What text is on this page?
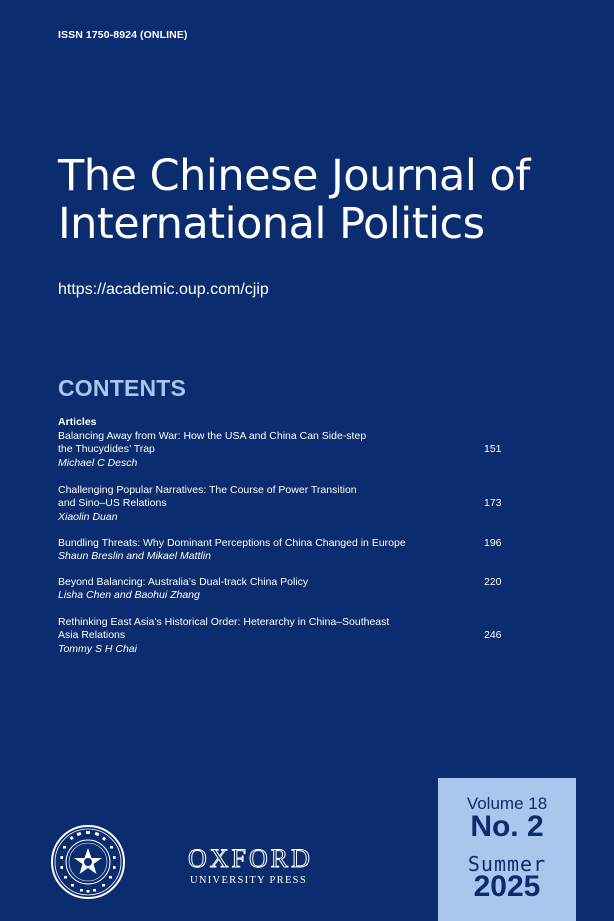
ISSN 1750-8924 (ONLINE)
The Chinese Journal of
International Politics
https://academic.oup.com/cjip
CONTENTS
Articles
Balancing Away from War: How the USA and China Can Side-step
the Thucydides’ Trap
Michael C Desch
151
Challenging Popular Narratives: The Course of Power Transition
and Sino–US Relations
Xiaolin Duan
173
Bundling Threats: Why Dominant Perceptions of China Changed in Europe
Shaun Breslin and Mikael Mattlin
196
Beyond Balancing: Australia’s Dual-track China Policy
Lisha Chen and Baohui Zhang
220
Rethinking East Asia’s Historical Order: Heterarchy in China–Southeast
Asia Relations
Tommy S H Chai
246
OXFORD
UNIVERSITY PRESS
Volume 18
No. 2
Summer
2025
